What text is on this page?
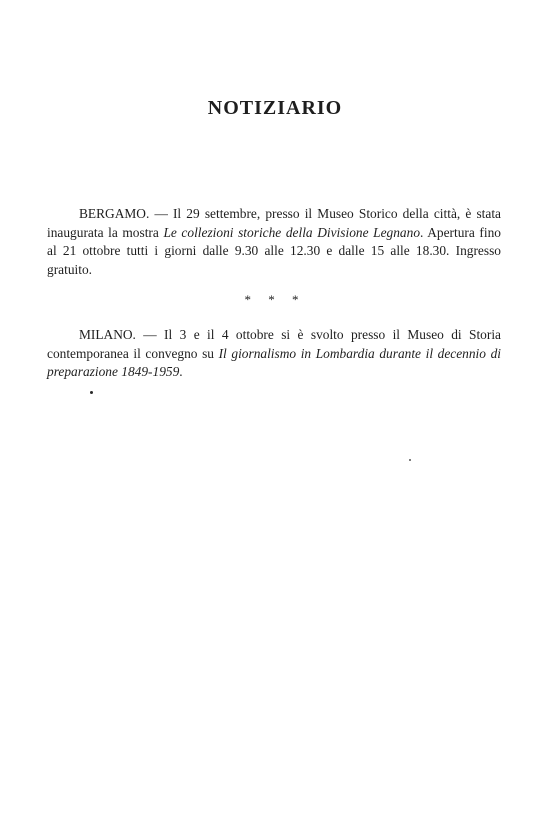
NOTIZIARIO

BERGAMO. — Il 29 settembre, presso il Museo Storico della città, è stata inaugurata la mostra Le collezioni storiche della Divisione Legnano. Apertura fino al 21 ottobre tutti i giorni dalle 9.30 alle 12.30 e dalle 15 alle 18.30. Ingresso gratuito.

* * *

MILANO. — Il 3 e il 4 ottobre si è svolto presso il Museo di Storia contemporanea il convegno su Il giornalismo in Lombardia durante il decennio di preparazione 1849-1959.
